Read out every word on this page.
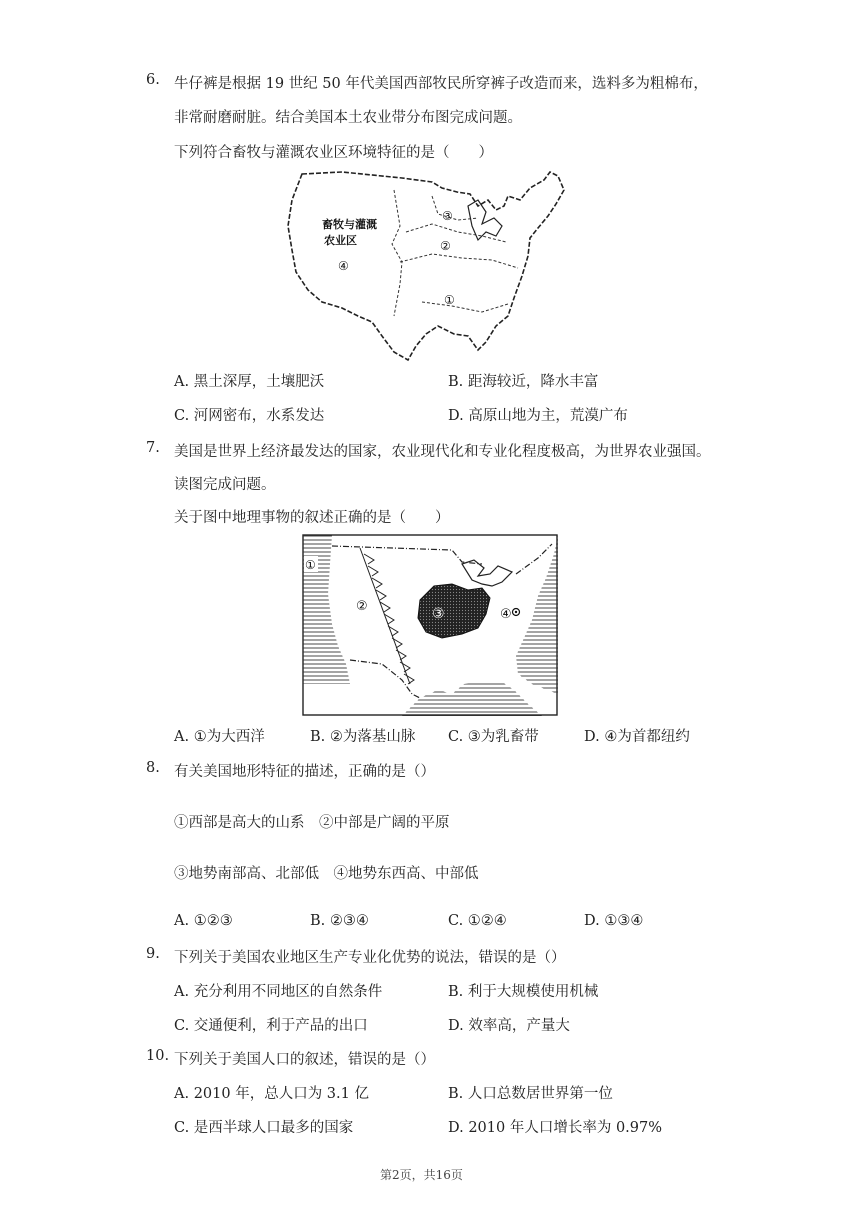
6. 牛仔裤是根据 19 世纪 50 年代美国西部牧民所穿裤子改造而来，选料多为粗棉布，
非常耐磨耐脏。结合美国本土农业带分布图完成问题。
下列符合畜牧与灌溉农业区环境特征的是（　　）
畜牧与灌溉
农业区
④
③
②
①
A. 黑土深厚，土壤肥沃	B. 距海较近，降水丰富
C. 河网密布，水系发达	D. 高原山地为主，荒漠广布
7. 美国是世界上经济最发达的国家，农业现代化和专业化程度极高，为世界农业强国。
读图完成问题。
关于图中地理事物的叙述正确的是（　　）
①
②	③	④
A. ①为大西洋	B. ②为落基山脉 C. ③为乳畜带	D. ④为首都纽约
8. 有关美国地形特征的描述，正确的是（）
①西部是高大的山系　②中部是广阔的平原
③地势南部高、北部低　④地势东西高、中部低
A. ①②③	B. ②③④	C. ①②④	D. ①③④
9. 下列关于美国农业地区生产专业化优势的说法，错误的是（）
A. 充分利用不同地区的自然条件	B. 利于大规模使用机械
C. 交通便利，利于产品的出口	D. 效率高，产量大
10. 下列关于美国人口的叙述，错误的是（）
A. 2010 年，总人口为 3.1 亿	B. 人口总数居世界第一位
C. 是西半球人口最多的国家	D. 2010 年人口增长率为 0.97%
第2页，共16页
